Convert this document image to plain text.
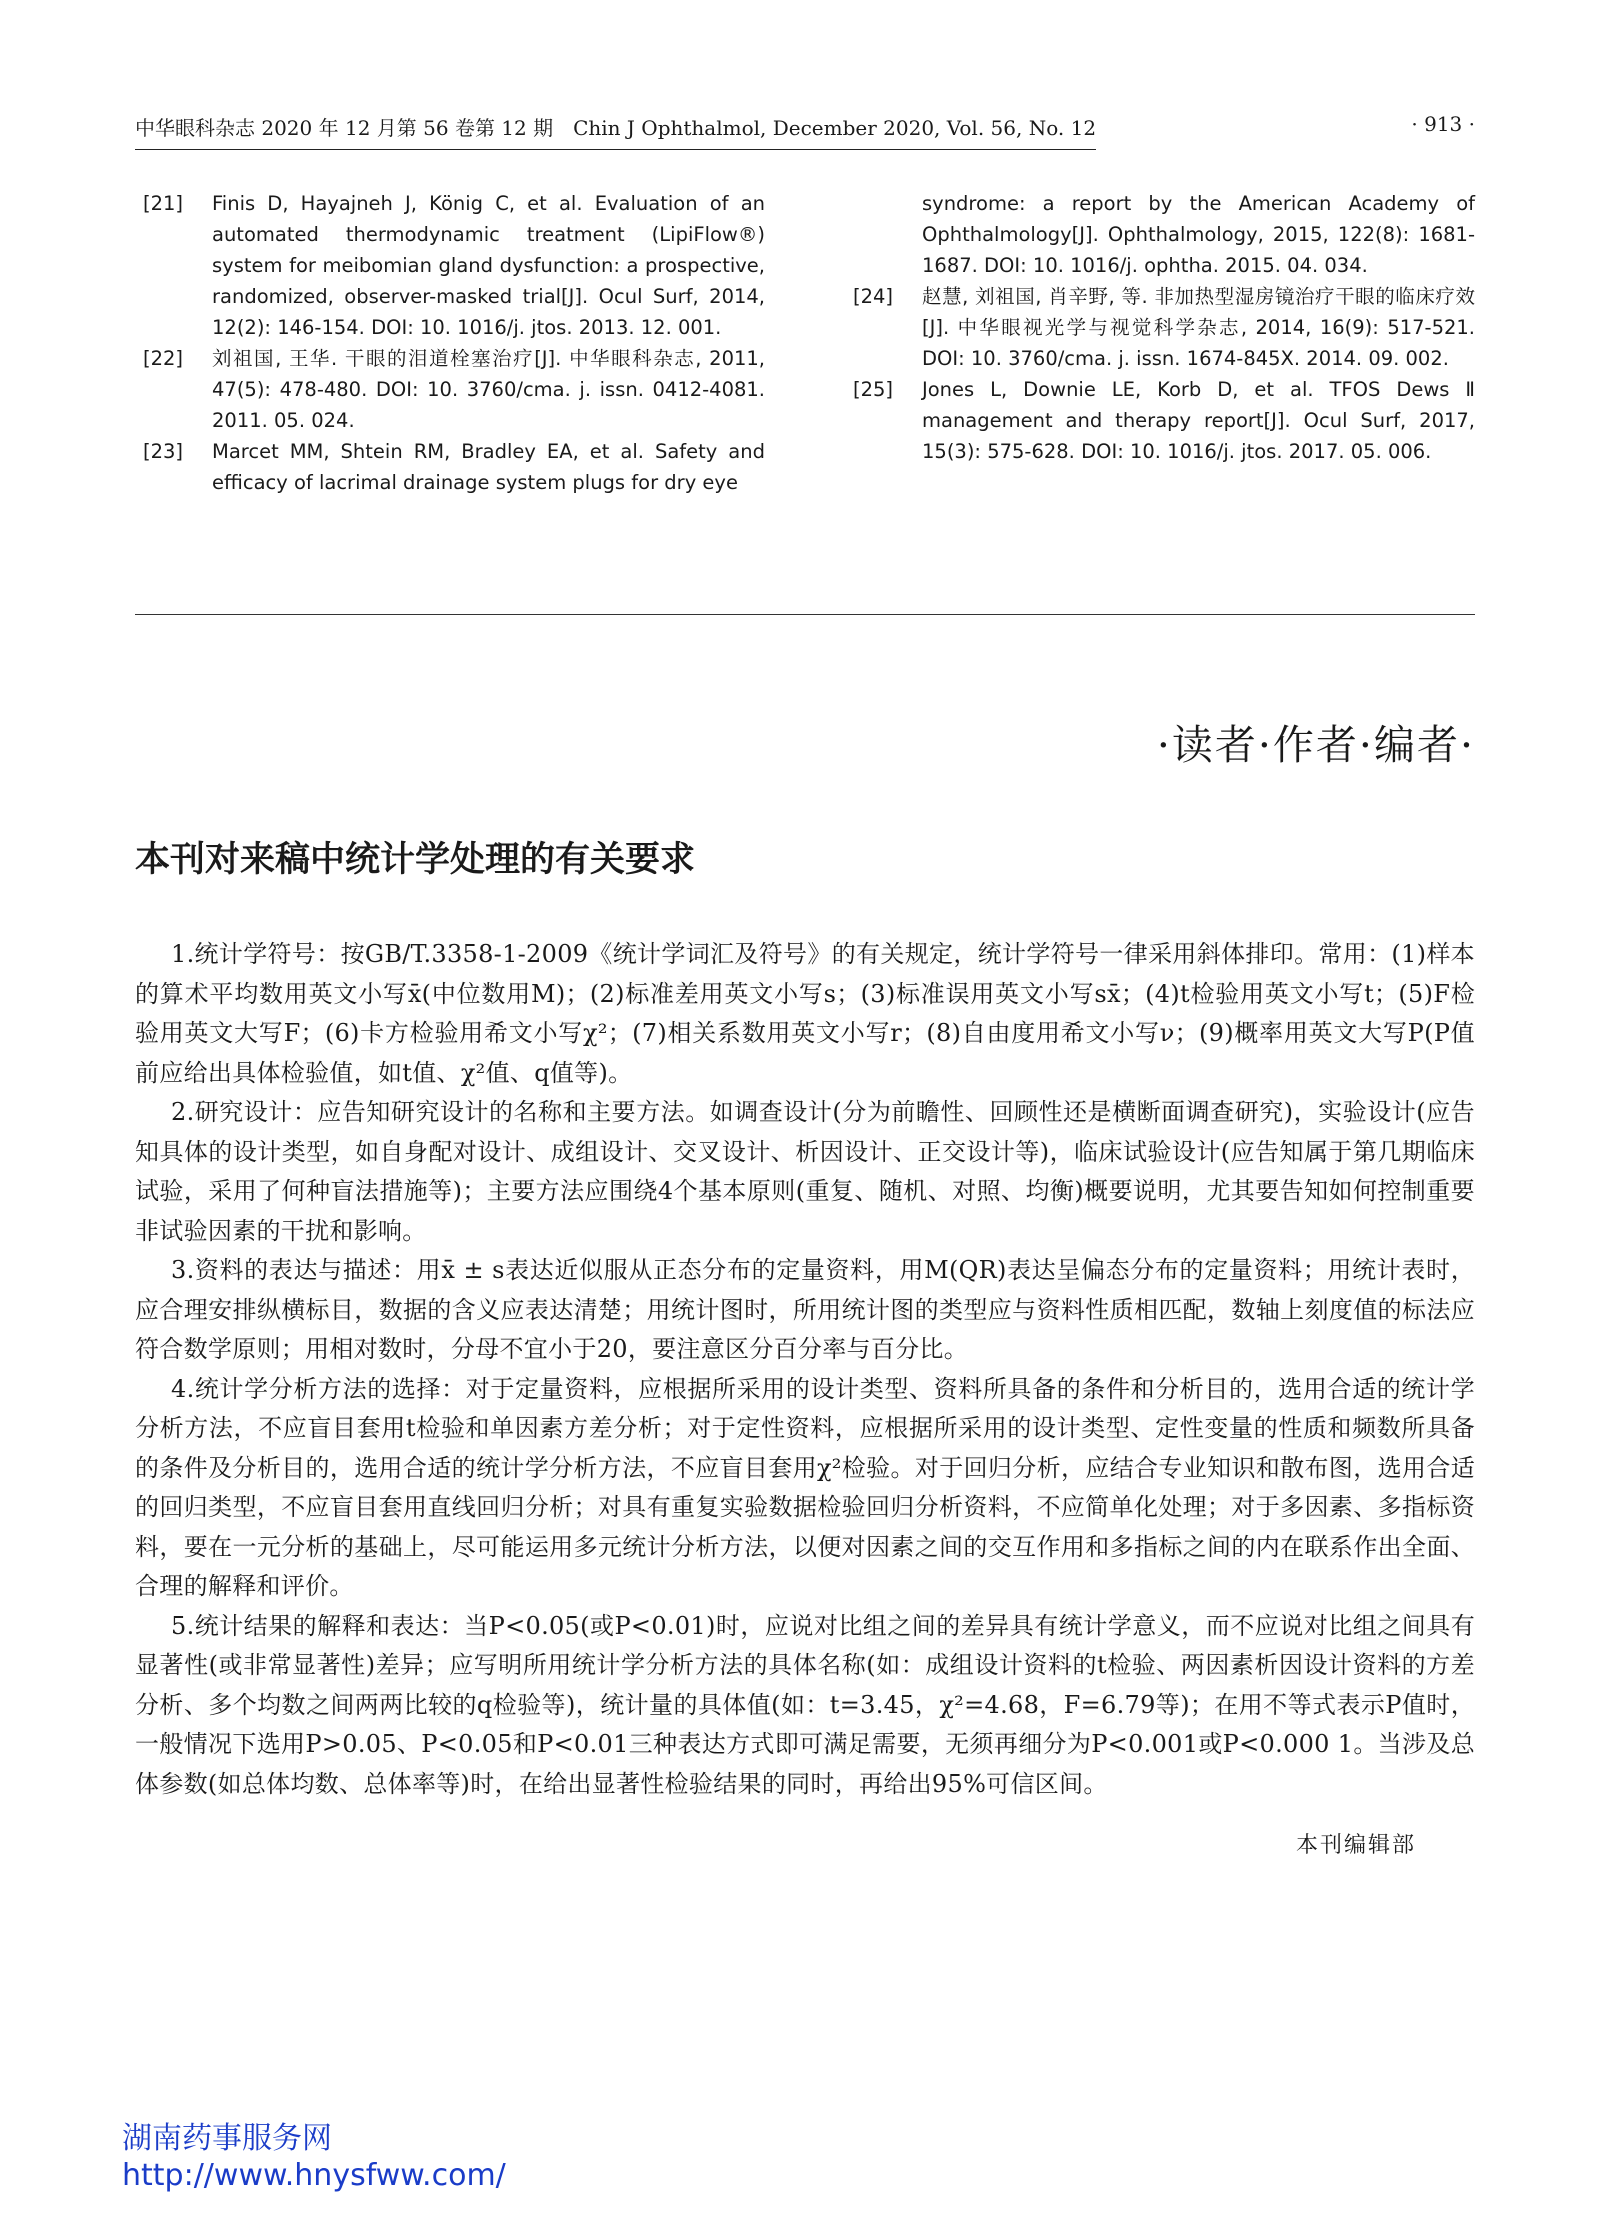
中华眼科杂志 2020 年 12 月第 56 卷第 12 期　Chin J Ophthalmol, December 2020, Vol. 56, No. 12	· 913 ·
[21] Finis D, Hayajneh J, König C, et al. Evaluation of an automated thermodynamic treatment (LipiFlow®) system for meibomian gland dysfunction: a prospective, randomized, observer-masked trial[J]. Ocul Surf, 2014, 12(2): 146-154. DOI: 10. 1016/j. jtos. 2013. 12. 001.
[22] 刘祖国, 王华. 干眼的泪道栓塞治疗[J]. 中华眼科杂志, 2011, 47(5): 478-480. DOI: 10. 3760/cma. j. issn. 0412-4081. 2011. 05. 024.
[23] Marcet MM, Shtein RM, Bradley EA, et al. Safety and efficacy of lacrimal drainage system plugs for dry eye
syndrome: a report by the American Academy of Ophthalmology[J]. Ophthalmology, 2015, 122(8): 1681-1687. DOI: 10. 1016/j. ophtha. 2015. 04. 034.
[24] 赵慧, 刘祖国, 肖辛野, 等. 非加热型湿房镜治疗干眼的临床疗效[J]. 中华眼视光学与视觉科学杂志, 2014, 16(9): 517-521. DOI: 10. 3760/cma. j. issn. 1674-845X. 2014. 09. 002.
[25] Jones L, Downie LE, Korb D, et al. TFOS Dews Ⅱ management and therapy report[J]. Ocul Surf, 2017, 15(3): 575-628. DOI: 10. 1016/j. jtos. 2017. 05. 006.
·读者·作者·编者·
本刊对来稿中统计学处理的有关要求

1.统计学符号：按GB/T.3358-1-2009《统计学词汇及符号》的有关规定，统计学符号一律采用斜体排印。常用：(1)样本的算术平均数用英文小写x̄(中位数用M)；(2)标准差用英文小写s；(3)标准误用英文小写sx̄；(4)t检验用英文小写t；(5)F检验用英文大写F；(6)卡方检验用希文小写χ²；(7)相关系数用英文小写r；(8)自由度用希文小写ν；(9)概率用英文大写P(P值前应给出具体检验值，如t值、χ²值、q值等)。

2.研究设计：应告知研究设计的名称和主要方法。如调查设计(分为前瞻性、回顾性还是横断面调查研究)，实验设计(应告知具体的设计类型，如自身配对设计、成组设计、交叉设计、析因设计、正交设计等)，临床试验设计(应告知属于第几期临床试验，采用了何种盲法措施等)；主要方法应围绕4个基本原则(重复、随机、对照、均衡)概要说明，尤其要告知如何控制重要非试验因素的干扰和影响。

3.资料的表达与描述：用x̄ ± s表达近似服从正态分布的定量资料，用M(QR)表达呈偏态分布的定量资料；用统计表时，应合理安排纵横标目，数据的含义应表达清楚；用统计图时，所用统计图的类型应与资料性质相匹配，数轴上刻度值的标法应符合数学原则；用相对数时，分母不宜小于20，要注意区分百分率与百分比。

4.统计学分析方法的选择：对于定量资料，应根据所采用的设计类型、资料所具备的条件和分析目的，选用合适的统计学分析方法，不应盲目套用t检验和单因素方差分析；对于定性资料，应根据所采用的设计类型、定性变量的性质和频数所具备的条件及分析目的，选用合适的统计学分析方法，不应盲目套用χ²检验。对于回归分析，应结合专业知识和散布图，选用合适的回归类型，不应盲目套用直线回归分析；对具有重复实验数据检验回归分析资料，不应简单化处理；对于多因素、多指标资料，要在一元分析的基础上，尽可能运用多元统计分析方法，以便对因素之间的交互作用和多指标之间的内在联系作出全面、合理的解释和评价。

5.统计结果的解释和表达：当P<0.05(或P<0.01)时，应说对比组之间的差异具有统计学意义，而不应说对比组之间具有显著性(或非常显著性)差异；应写明所用统计学分析方法的具体名称(如：成组设计资料的t检验、两因素析因设计资料的方差分析、多个均数之间两两比较的q检验等)，统计量的具体值(如：t=3.45，χ²=4.68，F=6.79等)；在用不等式表示P值时，一般情况下选用P>0.05、P<0.05和P<0.01三种表达方式即可满足需要，无须再细分为P<0.001或P<0.000 1。当涉及总体参数(如总体均数、总体率等)时，在给出显著性检验结果的同时，再给出95%可信区间。

本刊编辑部
湖南药事服务网
http://www.hnysfww.com/
